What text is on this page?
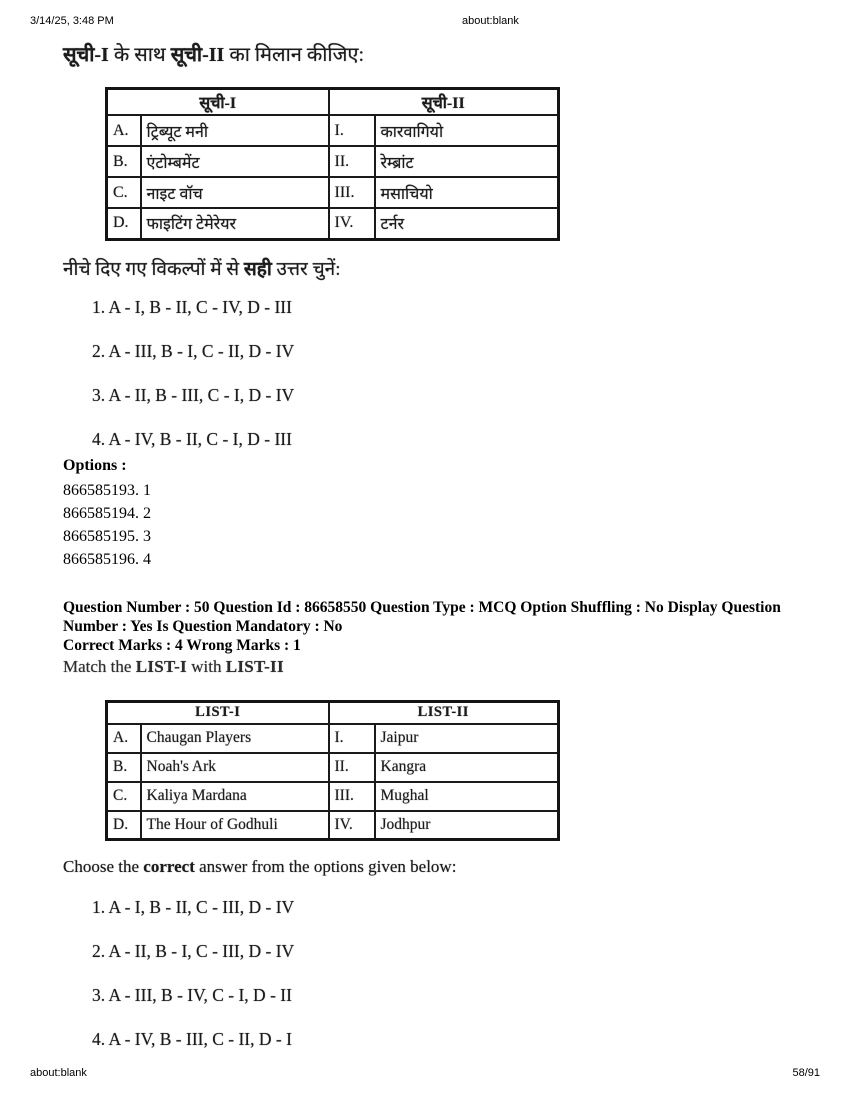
3/14/25, 3:48 PM	about:blank
सूची-I के साथ सूची-II का मिलान कीजिए:
सूची-I		सूची-II	
A.	ट्रिब्यूट मनी	I.	कारवागियो
B.	एंटोम्बमेंट	II.	रेम्ब्रांट
C.	नाइट वॉच	III.	मसाचियो
D.	फाइटिंग टेमेरेयर	IV.	टर्नर
नीचे दिए गए विकल्पों में से सही उत्तर चुनें:
1. A - I, B - II, C - IV, D - III
2. A - III, B - I, C - II, D - IV
3. A - II, B - III, C - I, D - IV
4. A - IV, B - II, C - I, D - III
Options :
866585193. 1
866585194. 2
866585195. 3
866585196. 4
Question Number : 50 Question Id : 86658550 Question Type : MCQ Option Shuffling : No Display Question Number : Yes Is Question Mandatory : No
Correct Marks : 4 Wrong Marks : 1
Match the LIST-I with LIST-II
LIST-I		LIST-II	
A.	Chaugan Players	I.	Jaipur
B.	Noah's Ark	II.	Kangra
C.	Kaliya Mardana	III.	Mughal
D.	The Hour of Godhuli	IV.	Jodhpur
Choose the correct answer from the options given below:
1. A - I, B - II, C - III, D - IV
2. A - II, B - I, C - III, D - IV
3. A - III, B - IV, C - I, D - II
4. A - IV, B - III, C - II, D - I
about:blank	58/91
